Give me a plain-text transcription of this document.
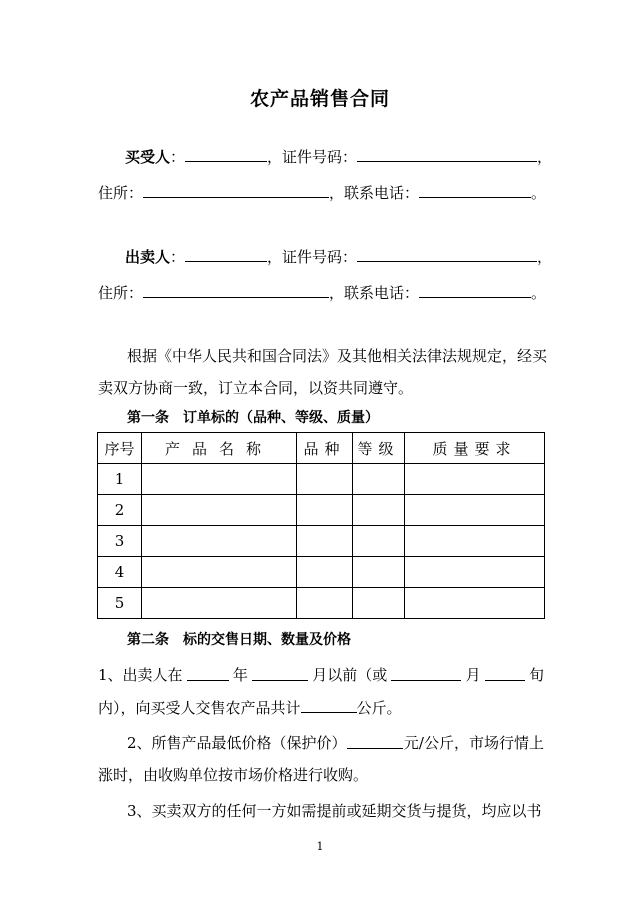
农产品销售合同
买受人：	，证件号码：	，
住所：	，联系电话：	。
出卖人：	，证件号码：	，
住所：	，联系电话：	。
根据《中华人民共和国合同法》及其他相关法律法规规定，经买
卖双方协商一致，订立本合同，以资共同遵守。
第一条　订单标的（品种、等级、质量）
序号	产品名称	品种	等级	质量要求
1				
2				
3				
4				
5				
第二条　标的交售日期、数量及价格
1、出卖人在	年	月以前（或	月	旬
内），向买受人交售农产品共计	公斤。
2、所售产品最低价格（保护价）	元/公斤，市场行情上
涨时，由收购单位按市场价格进行收购。
3、买卖双方的任何一方如需提前或延期交货与提货，均应以书
1
